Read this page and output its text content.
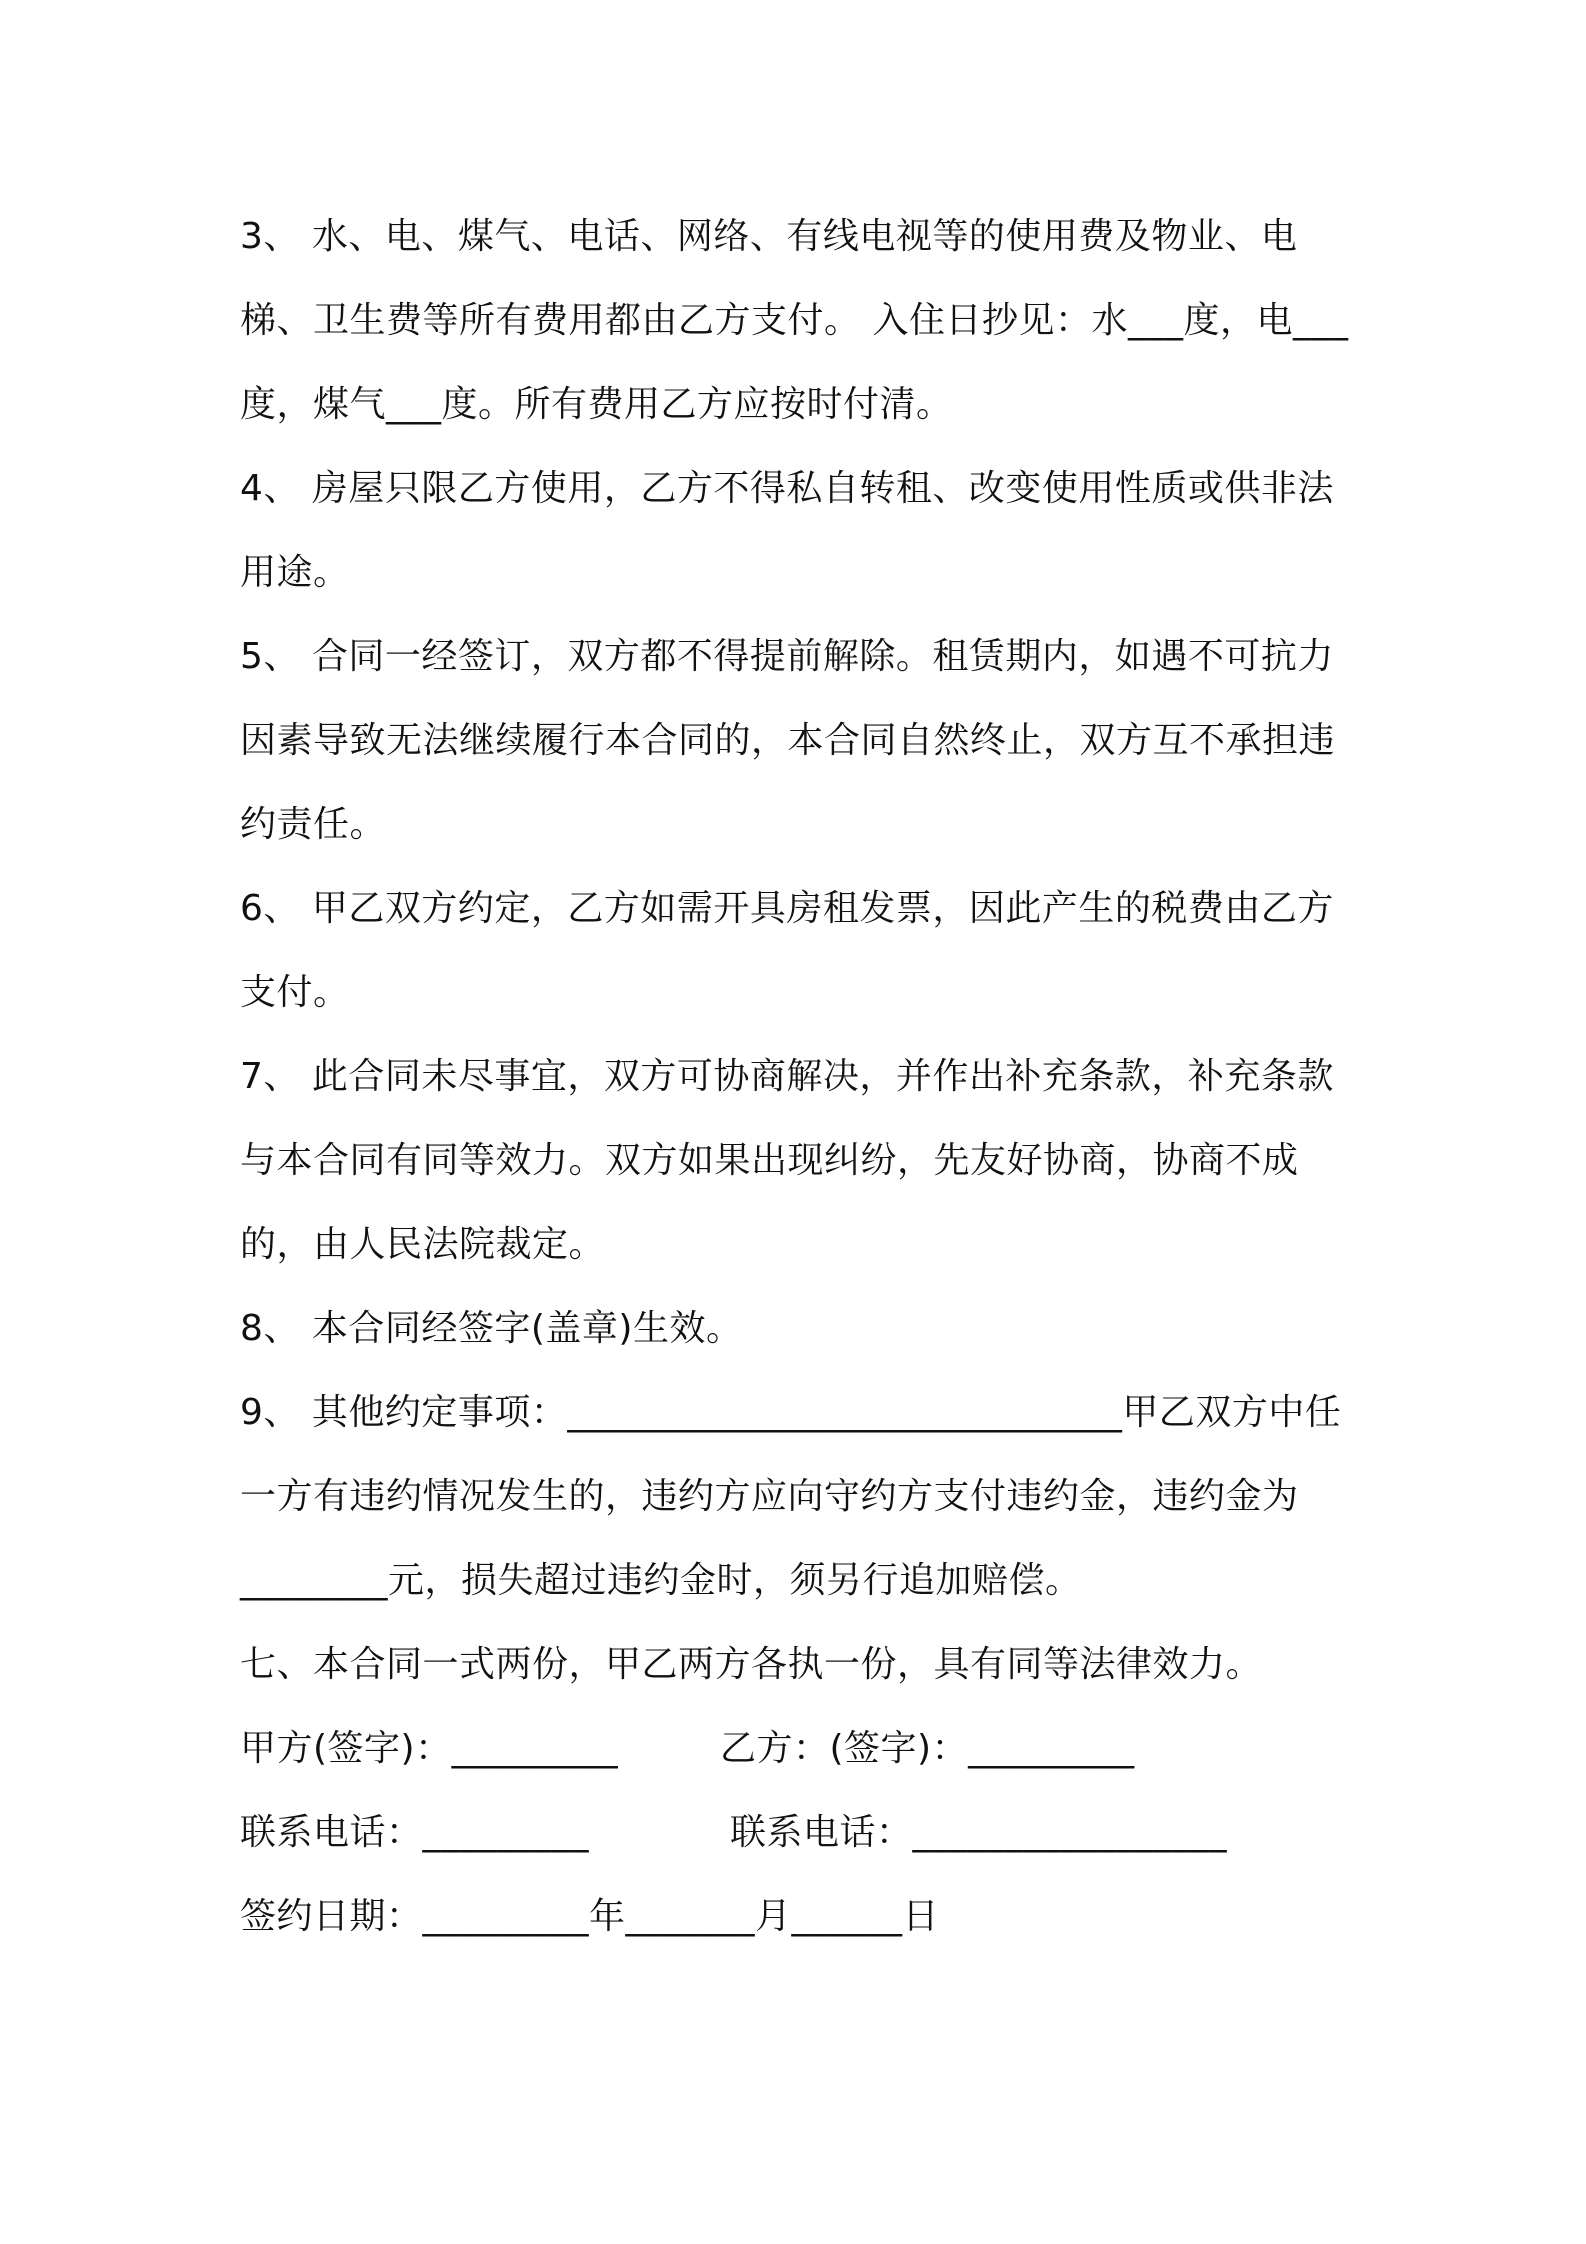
3、 水、电、煤气、电话、网络、有线电视等的使用费及物业、电梯、卫生费等所有费用都由乙方支付。 入住日抄见：水___度，电___度，煤气___度。所有费用乙方应按时付清。

4、 房屋只限乙方使用，乙方不得私自转租、改变使用性质或供非法用途。

5、 合同一经签订，双方都不得提前解除。租赁期内，如遇不可抗力因素导致无法继续履行本合同的，本合同自然终止，双方互不承担违约责任。

6、 甲乙双方约定，乙方如需开具房租发票，因此产生的税费由乙方支付。

7、 此合同未尽事宜，双方可协商解决，并作出补充条款，补充条款与本合同有同等效力。双方如果出现纠纷，先友好协商，协商不成的，由人民法院裁定。

8、 本合同经签字(盖章)生效。

9、 其他约定事项：______________________________甲乙双方中任一方有违约情况发生的，违约方应向守约方支付违约金，违约金为________元，损失超过违约金时，须另行追加赔偿。

七、本合同一式两份，甲乙两方各执一份，具有同等法律效力。

甲方(签字)：_________	乙方：(签字)：_________
联系电话：_________	联系电话：_________________
签约日期：_________年_______月______日
